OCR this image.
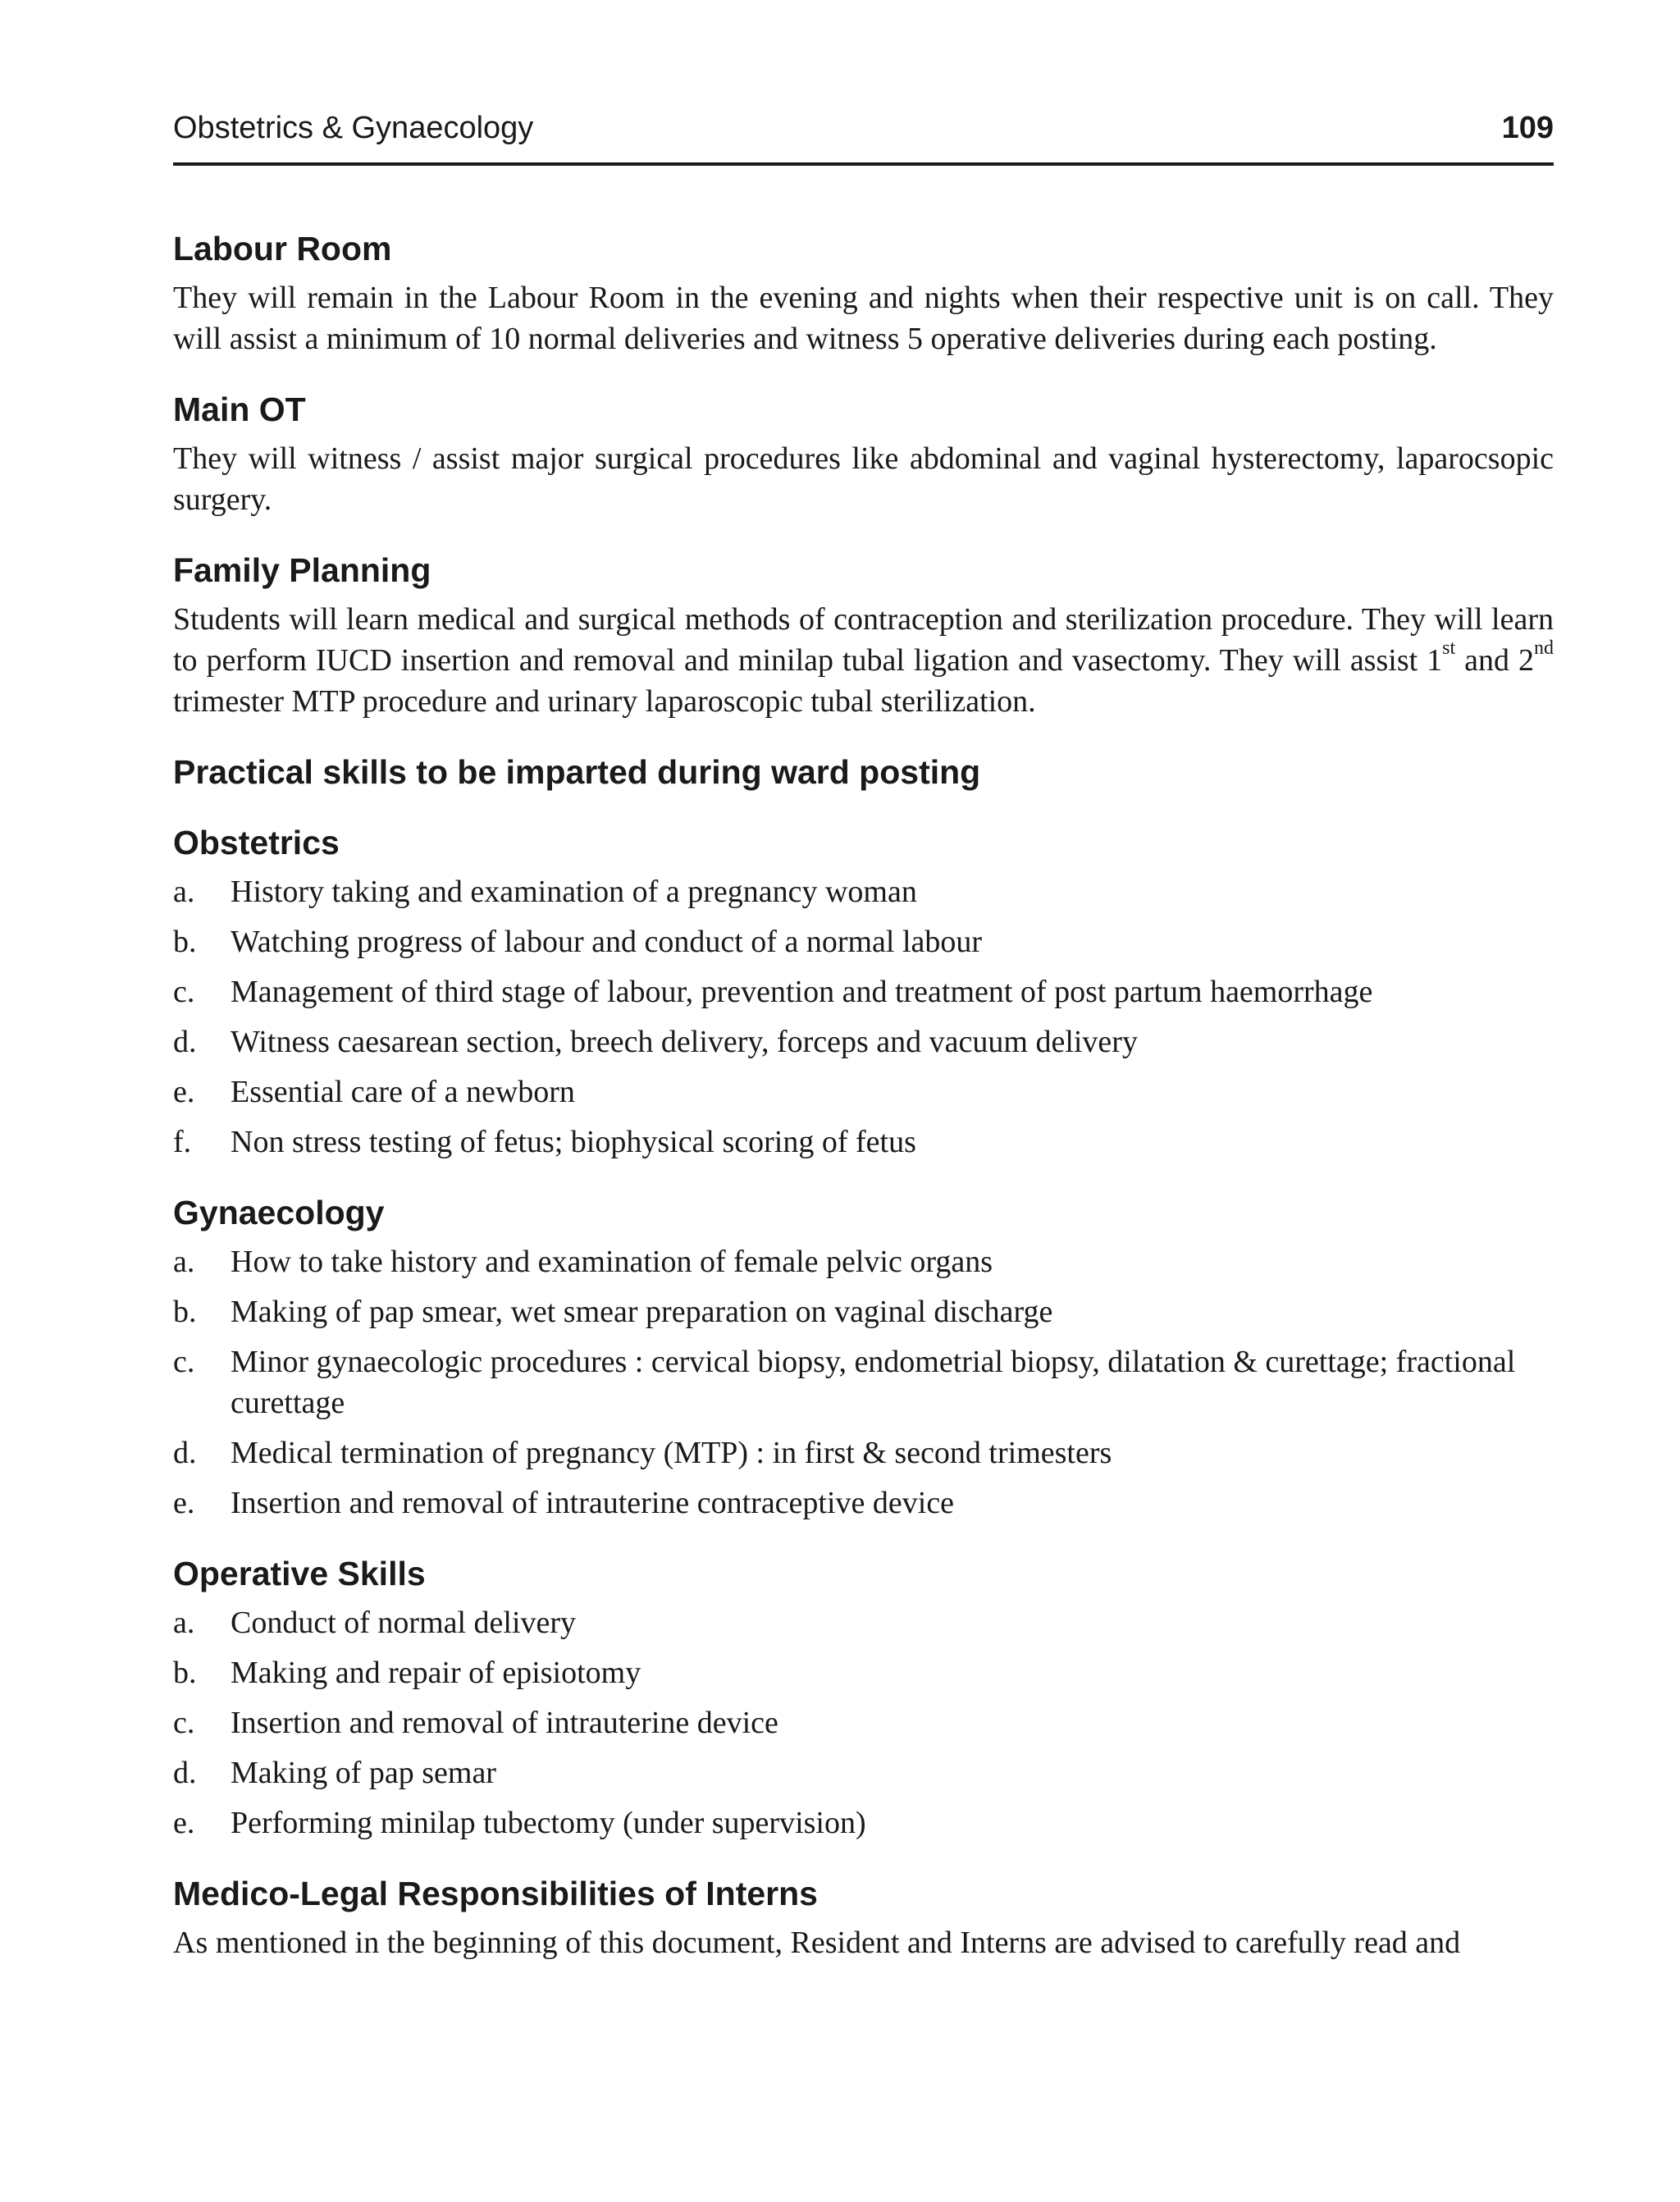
Obstetrics & Gynaecology	109
Labour Room

They will remain in the Labour Room in the evening and nights when their respective unit is on call. They will assist a minimum of 10 normal deliveries and witness 5 operative deliveries during each posting.

Main OT

They will witness / assist major surgical procedures like abdominal and vaginal hysterectomy, laparocsopic surgery.

Family Planning

Students will learn medical and surgical methods of contraception and sterilization procedure. They will learn to perform IUCD insertion and removal and minilap tubal ligation and vasectomy. They will assist 1st and 2nd trimester MTP procedure and urinary laparoscopic tubal sterilization.

Practical skills to be imparted during ward posting
Obstetrics
a. History taking and examination of a pregnancy woman
b. Watching progress of labour and conduct of a normal labour
c. Management of third stage of labour, prevention and treatment of post partum haemorrhage
d. Witness caesarean section, breech delivery, forceps and vacuum delivery
e. Essential care of a newborn
f. Non stress testing of fetus; biophysical scoring of fetus
Gynaecology
a. How to take history and examination of female pelvic organs
b. Making of pap smear, wet smear preparation on vaginal discharge
c. Minor gynaecologic procedures : cervical biopsy, endometrial biopsy, dilatation & curettage; fractional curettage
d. Medical termination of pregnancy (MTP) : in first & second trimesters
e. Insertion and removal of intrauterine contraceptive device
Operative Skills
a. Conduct of normal delivery
b. Making and repair of episiotomy
c. Insertion and removal of intrauterine device
d. Making of pap semar
e. Performing minilap tubectomy (under supervision)
Medico-Legal Responsibilities of Interns

As mentioned in the beginning of this document, Resident and Interns are advised to carefully read and
